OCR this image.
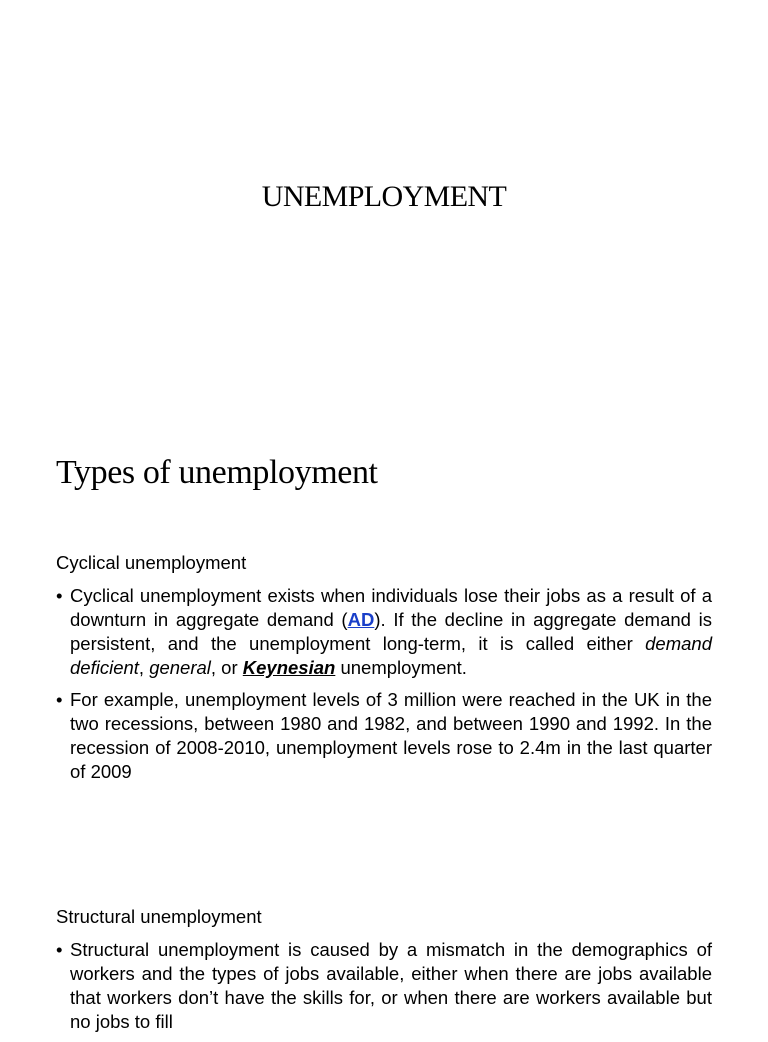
UNEMPLOYMENT
Types of unemployment
Cyclical unemployment
• Cyclical unemployment exists when individuals lose their jobs as a result of a downturn in aggregate demand (AD). If the decline in aggregate demand is persistent, and the unemployment long-term, it is called either demand deficient, general, or Keynesian unemployment.
• For example, unemployment levels of 3 million were reached in the UK in the two recessions, between 1980 and 1982, and between 1990 and 1992. In the recession of 2008-2010, unemployment levels rose to 2.4m in the last quarter of 2009
Structural unemployment
• Structural unemployment is caused by a mismatch in the demographics of workers and the types of jobs available, either when there are jobs available that workers don’t have the skills for, or when there are workers available but no jobs to fill
